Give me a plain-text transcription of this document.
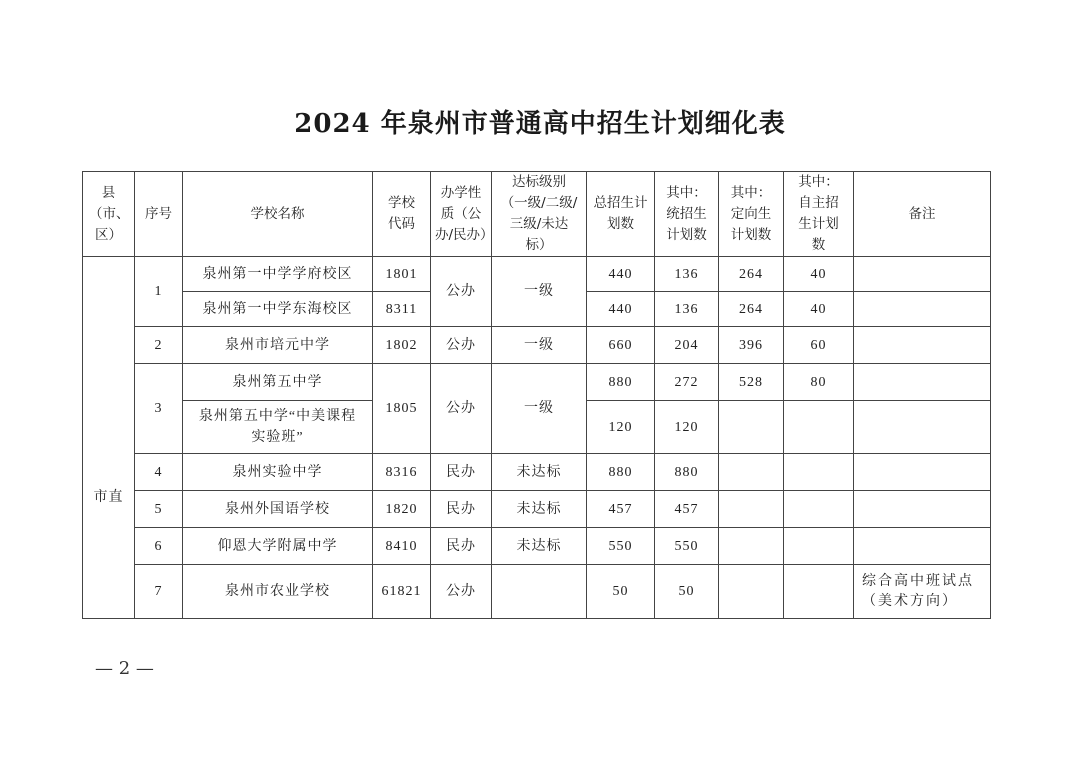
2024 年泉州市普通高中招生计划细化表
县（市、区）	序号	学校名称	学校代码	办学性质（公办/民办）	达标级别（一级/二级/三级/未达标）	总招生计划数	其中：统招生计划数	其中：定向生计划数	其中：自主招生计划数	备注
市直	1	泉州第一中学学府校区	1801	公办	一级	440	136	264	40	
		泉州第一中学东海校区	8311			440	136	264	40	
	2	泉州市培元中学	1802	公办	一级	660	204	396	60	
	3	泉州第五中学	1805	公办	一级	880	272	528	80	
		泉州第五中学“中美课程实验班”				120	120			
	4	泉州实验中学	8316	民办	未达标	880	880			
	5	泉州外国语学校	1820	民办	未达标	457	457			
	6	仰恩大学附属中学	8410	民办	未达标	550	550			
	7	泉州市农业学校	61821	公办		50	50			综合高中班试点（美术方向）
— 2 —
